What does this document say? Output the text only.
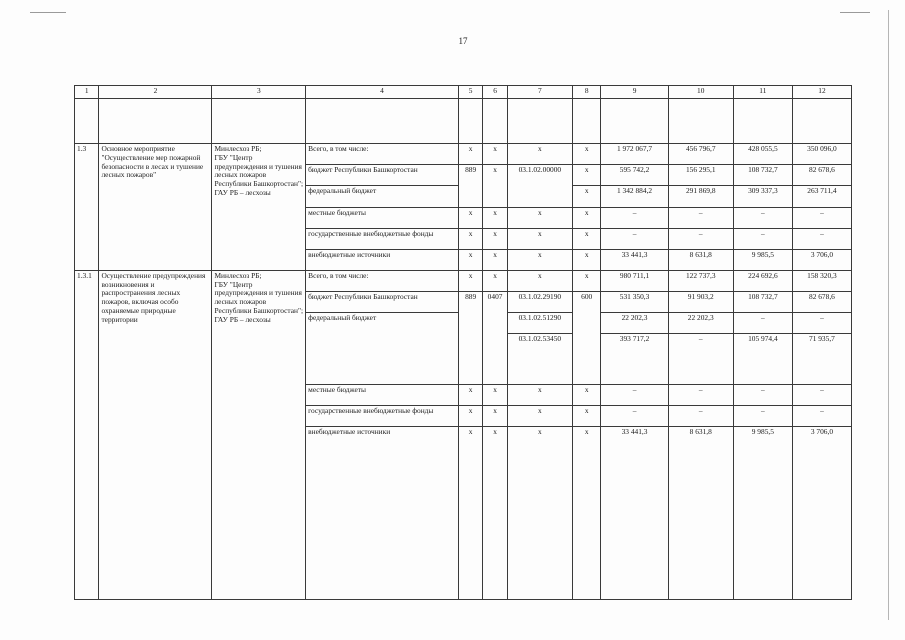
17
1	2	3	4	5	6	7	8	9	10	11	12

1.3	Основное мероприятие "Осуществление мер пожарной безопасности в лесах и тушение лесных пожаров"	Минлесхоз РБ;
ГБУ "Центр предупреждения и тушения лесных пожаров Республики Башкортостан";
ГАУ РБ – лесхозы	Всего, в том числе:	x	x	x	x	1 972 067,7	456 796,7	428 055,5	350 096,0
			бюджет Республики Башкортостан	889	x	03.1.02.00000	x	595 742,2	156 295,1	108 732,7	82 678,6
			федеральный бюджет				x	1 342 884,2	291 869,8	309 337,3	263 711,4
			местные бюджеты	x	x	x	x	–	–	–	–
			государственные внебюджетные фонды	x	x	x	x	–	–	–	–
			внебюджетные источники	x	x	x	x	33 441,3	8 631,8	9 985,5	3 706,0
1.3.1	Осуществление предупреждения возникновения и распространения лесных пожаров, включая особо охраняемые природные территории	Минлесхоз РБ;
ГБУ "Центр предупреждения и тушения лесных пожаров Республики Башкортостан";
ГАУ РБ – лесхозы	Всего, в том числе:	x	x	x	x	980 711,1	122 737,3	224 692,6	158 320,3
			бюджет Республики Башкортостан	889	0407	03.1.02.29190	600	531 350,3	91 903,2	108 732,7	82 678,6
			федеральный бюджет			03.1.02.51290		22 202,3	22 202,3	–	–
						03.1.02.53450		393 717,2	–	105 974,4	71 935,7
			местные бюджеты	x	x	x	x	–	–	–	–
			государственные внебюджетные фонды	x	x	x	x	–	–	–	–
			внебюджетные источники	x	x	x	x	33 441,3	8 631,8	9 985,5	3 706,0
